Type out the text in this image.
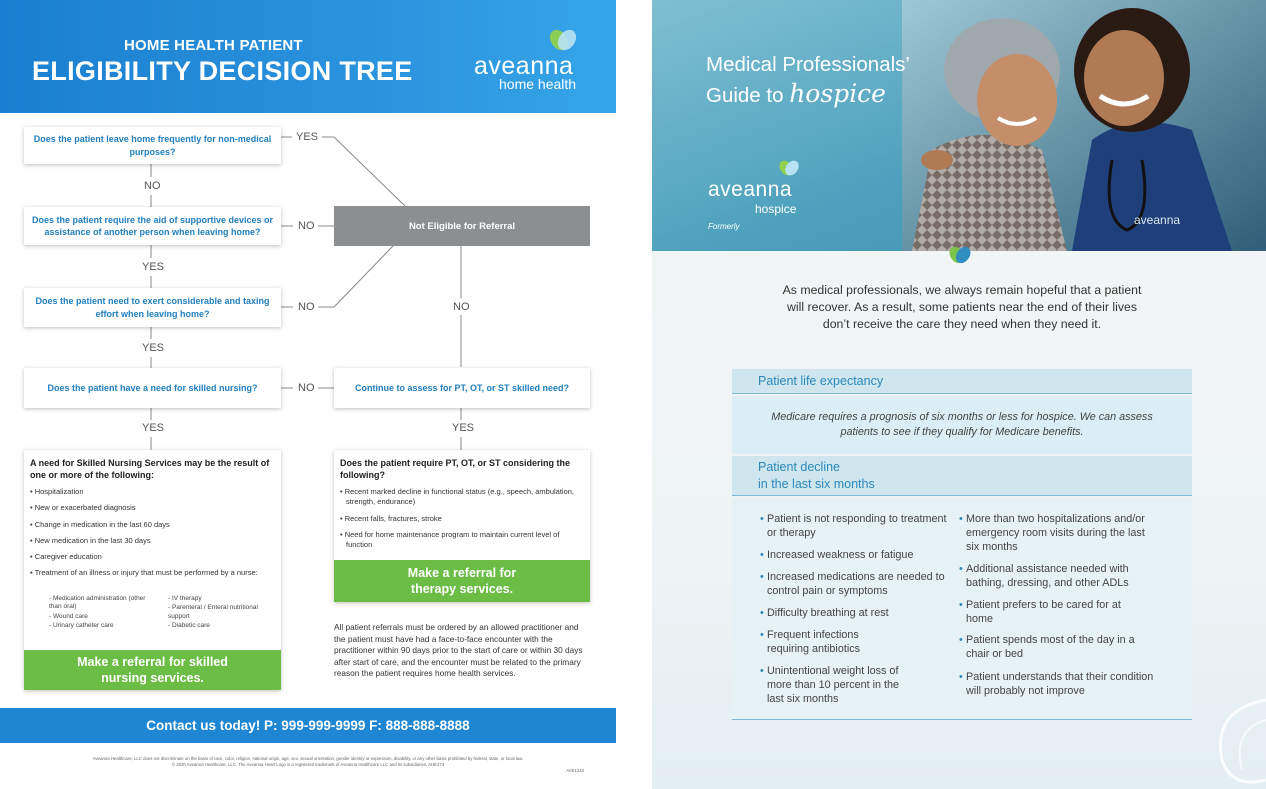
HOME HEALTH PATIENT
ELIGIBILITY DECISION TREE aveanna
home health
Does the patient leave home frequently for non-medical purposes?
YES
NO
Does the patient require the aid of supportive devices or assistance of another person when leaving home?	NO
YES
Not Eligible for Referral
Does the patient need to exert considerable and taxing effort when leaving home?
NO	NO
YES
Does the patient have a need for skilled nursing?	NO	Continue to assess for PT, OT, or ST skilled need?
YES	YES
A need for Skilled Nursing Services may be the result of one or more of the following:
• Hospitalization
• New or exacerbated diagnosis
• Change in medication in the last 60 days
• New medication in the last 30 days
• Caregiver education
• Treatment of an illness or injury that must be performed by a nurse:
- Medication administration (other than oral)
- Wound care
- Urinary catheter care
- IV therapy
- Parenteral / Enteral nutritional support
- Diabetic care
Make a referral for skilled nursing services.
Does the patient require PT, OT, or ST considering the following?
• Recent marked decline in functional status (e.g., speech, ambulation, strength, endurance)
• Recent falls, fractures, stroke
• Need for home maintenance program to maintain current level of function
Make a referral for therapy services.
All patient referrals must be ordered by an allowed practitioner and the patient must have had a face-to-face encounter with the practitioner within 90 days prior to the start of care or within 30 days after start of care, and the encounter must be related to the primary reason the patient requires home health services.
Contact us today! P: 999-999-9999 F: 888-888-8888
Aveanna Healthcare, LLC does not discriminate on the basis of race, color, religion, national origin, age, sex, sexual orientation, gender identity or expression, disability, or any other basis prohibited by federal, state, or local law.
© 2020 Aveanna Healthcare, LLC. The Aveanna Heart Logo is a registered trademark of Aveanna Healthcare LLC and its subsidiaries. AHE174
AVE1234
aveanna
Medical Professionals’
Guide to hospice
aveanna
hospice
Formerly
As medical professionals, we always remain hopeful that a patient will recover. As a result, some patients near the end of their lives don’t receive the care they need when they need it.
Patient life expectancy
Medicare requires a prognosis of six months or less for hospice. We can assess patients to see if they qualify for Medicare benefits.
Patient decline
in the last six months
• Patient is not responding to treatment or therapy
• Increased weakness or fatigue
• Increased medications are needed to control pain or symptoms
• Difficulty breathing at rest
• Frequent infections requiring antibiotics
• Unintentional weight loss of more than 10 percent in the last six months
• More than two hospitalizations and/or emergency room visits during the last six months
• Additional assistance needed with bathing, dressing, and other ADLs
• Patient prefers to be cared for at home
• Patient spends most of the day in a chair or bed
• Patient understands that their condition will probably not improve
